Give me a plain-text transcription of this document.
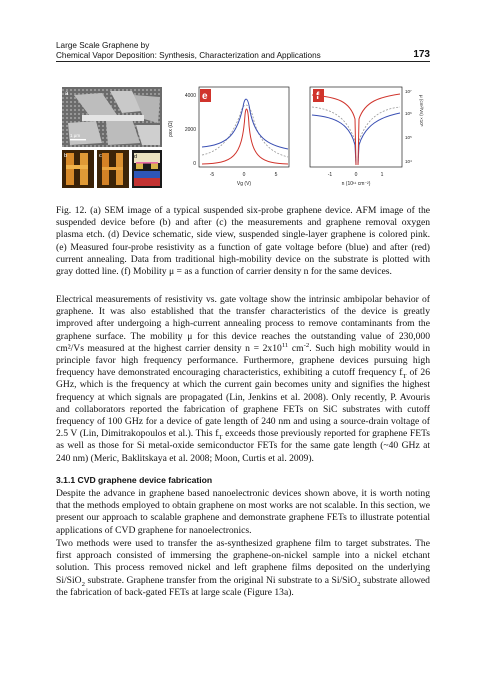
Large Scale Graphene by
Chemical Vapor Deposition: Synthesis, Characterization and Applications	173
a
1 μm
b	c	d
ρxx (Ω)
4000
2000
0
e
-5	0	5
Vg (V)
f
-1	0	1
n (10¹¹ cm⁻²)
10⁷
10⁶
10⁵
10⁴
μ (cm²/Vs) ×10⁵

Fig. 12. (a) SEM image of a typical suspended six-probe graphene device. AFM image of the suspended device before (b) and after (c) the measurements and graphene removal oxygen plasma etch. (d) Device schematic, side view, suspended single-layer graphene is colored pink. (e) Measured four-probe resistivity as a function of gate voltage before (blue) and after (red) current annealing. Data from traditional high-mobility device on the substrate is plotted with gray dotted line. (f) Mobility μ = as a function of carrier density n for the same devices.

Electrical measurements of resistivity vs. gate voltage show the intrinsic ambipolar behavior of graphene. It was also established that the transfer characteristics of the device is greatly improved after undergoing a high-current annealing process to remove contaminants from the graphene surface. The mobility μ for this device reaches the outstanding value of 230,000 cm²/Vs measured at the highest carrier density $n = 2x10^{11}$ $cm^{-2}$. Such high mobility would in principle favor high frequency performance. Furthermore, graphene devices pursuing high frequency have demonstrated encouraging characteristics, exhibiting a cutoff frequency $f_T$ of 26 GHz, which is the frequency at which the current gain becomes unity and signifies the highest frequency at which signals are propagated (Lin, Jenkins et al. 2008). Only recently, P. Avouris and collaborators reported the fabrication of graphene FETs on SiC substrates with cutoff frequency of 100 GHz for a device of gate length of 240 nm and using a source-drain voltage of 2.5 V (Lin, Dimitrakopoulos et al.). This $f_T$ exceeds those previously reported for graphene FETs as well as those for Si metal-oxide semiconductor FETs for the same gate length (~40 GHz at 240 nm) (Meric, Baklitskaya et al. 2008; Moon, Curtis et al. 2009).

3.1.1 CVD graphene device fabrication

Despite the advance in graphene based nanoelectronic devices shown above, it is worth noting that the methods employed to obtain graphene on most works are not scalable. In this section, we present our approach to scalable graphene and demonstrate graphene FETs to illustrate potential applications of CVD graphene for nanoelectronics.

Two methods were used to transfer the as-synthesized graphene film to target substrates. The first approach consisted of immersing the graphene-on-nickel sample into a nickel etchant solution. This process removed nickel and left graphene films deposited on the underlying Si/SiO$_2$ substrate. Graphene transfer from the original Ni substrate to a Si/SiO$_2$ substrate allowed the fabrication of back-gated FETs at large scale (Figure 13a).
